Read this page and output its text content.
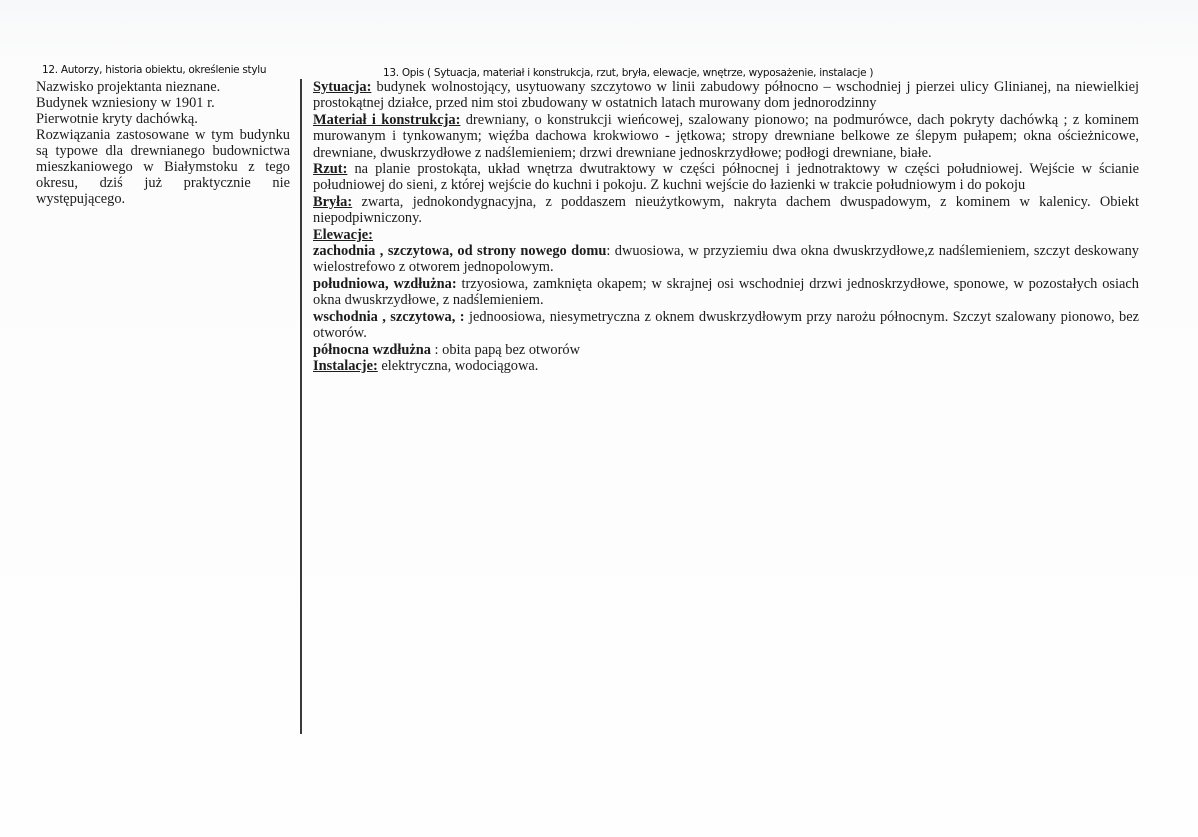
12. Autorzy, historia obiektu, określenie stylu

Nazwisko projektanta nieznane.

Budynek wzniesiony w 1901 r.

Pierwotnie kryty dachówką.

Rozwiązania zastosowane w tym budynku są typowe dla drewnianego budownictwa mieszkaniowego w Białymstoku z tego okresu, dziś już praktycznie nie występującego.

13. Opis ( Sytuacja, materiał i konstrukcja, rzut, bryła, elewacje, wnętrze, wyposażenie, instalacje )

Sytuacja: budynek wolnostojący, usytuowany szczytowo w linii zabudowy północno – wschodniej j pierzei ulicy Glinianej, na niewielkiej prostokątnej działce, przed nim stoi zbudowany w ostatnich latach murowany dom jednorodzinny

Materiał i konstrukcja: drewniany, o konstrukcji wieńcowej, szalowany pionowo; na podmurówce, dach pokryty dachówką ; z kominem murowanym i tynkowanym; więźba dachowa krokwiowo - jętkowa; stropy drewniane belkowe ze ślepym pułapem; okna ościeżnicowe, drewniane, dwuskrzydłowe z nadślemieniem; drzwi drewniane jednoskrzydłowe; podłogi drewniane, białe.

Rzut: na planie prostokąta, układ wnętrza dwutraktowy w części północnej i jednotraktowy w części południowej. Wejście w ścianie południowej do sieni, z której wejście do kuchni i pokoju. Z kuchni wejście do łazienki w trakcie południowym i do pokoju

Bryła: zwarta, jednokondygnacyjna, z poddaszem nieużytkowym, nakryta dachem dwuspadowym, z kominem w kalenicy. Obiekt niepodpiwniczony.

Elewacje:

zachodnia , szczytowa, od strony nowego domu: dwuosiowa, w przyziemiu dwa okna dwuskrzydłowe,z nadślemieniem, szczyt deskowany wielostrefowo z otworem jednopolowym.

południowa, wzdłużna: trzyosiowa, zamknięta okapem; w skrajnej osi wschodniej drzwi jednoskrzydłowe, sponowe, w pozostałych osiach okna dwuskrzydłowe, z nadślemieniem.

wschodnia , szczytowa, : jednoosiowa, niesymetryczna z oknem dwuskrzydłowym przy narożu północnym. Szczyt szalowany pionowo, bez otworów.

północna wzdłużna : obita papą bez otworów

Instalacje: elektryczna, wodociągowa.
